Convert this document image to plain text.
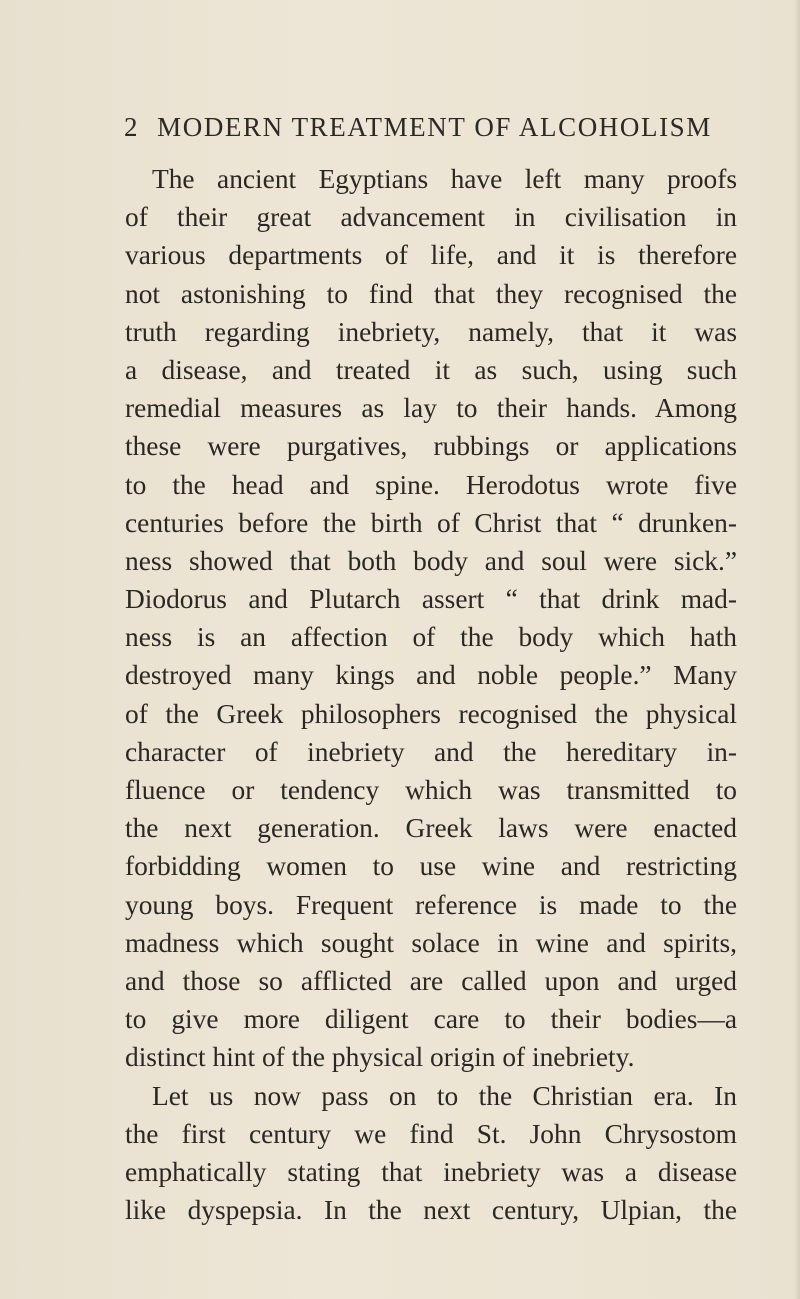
2 MODERN TREATMENT OF ALCOHOLISM
The ancient Egyptians have left many proofs
of their great advancement in civilisation in
various departments of life, and it is therefore
not astonishing to find that they recognised the
truth regarding inebriety, namely, that it was
a disease, and treated it as such, using such
remedial measures as lay to their hands. Among
these were purgatives, rubbings or applications
to the head and spine. Herodotus wrote five
centuries before the birth of Christ that “ drunken-
ness showed that both body and soul were sick.”
Diodorus and Plutarch assert “ that drink mad-
ness is an affection of the body which hath
destroyed many kings and noble people.” Many
of the Greek philosophers recognised the physical
character of inebriety and the hereditary in-
fluence or tendency which was transmitted to
the next generation. Greek laws were enacted
forbidding women to use wine and restricting
young boys. Frequent reference is made to the
madness which sought solace in wine and spirits,
and those so afflicted are called upon and urged
to give more diligent care to their bodies—a
distinct hint of the physical origin of inebriety.
Let us now pass on to the Christian era. In
the first century we find St. John Chrysostom
emphatically stating that inebriety was a disease
like dyspepsia. In the next century, Ulpian, the
